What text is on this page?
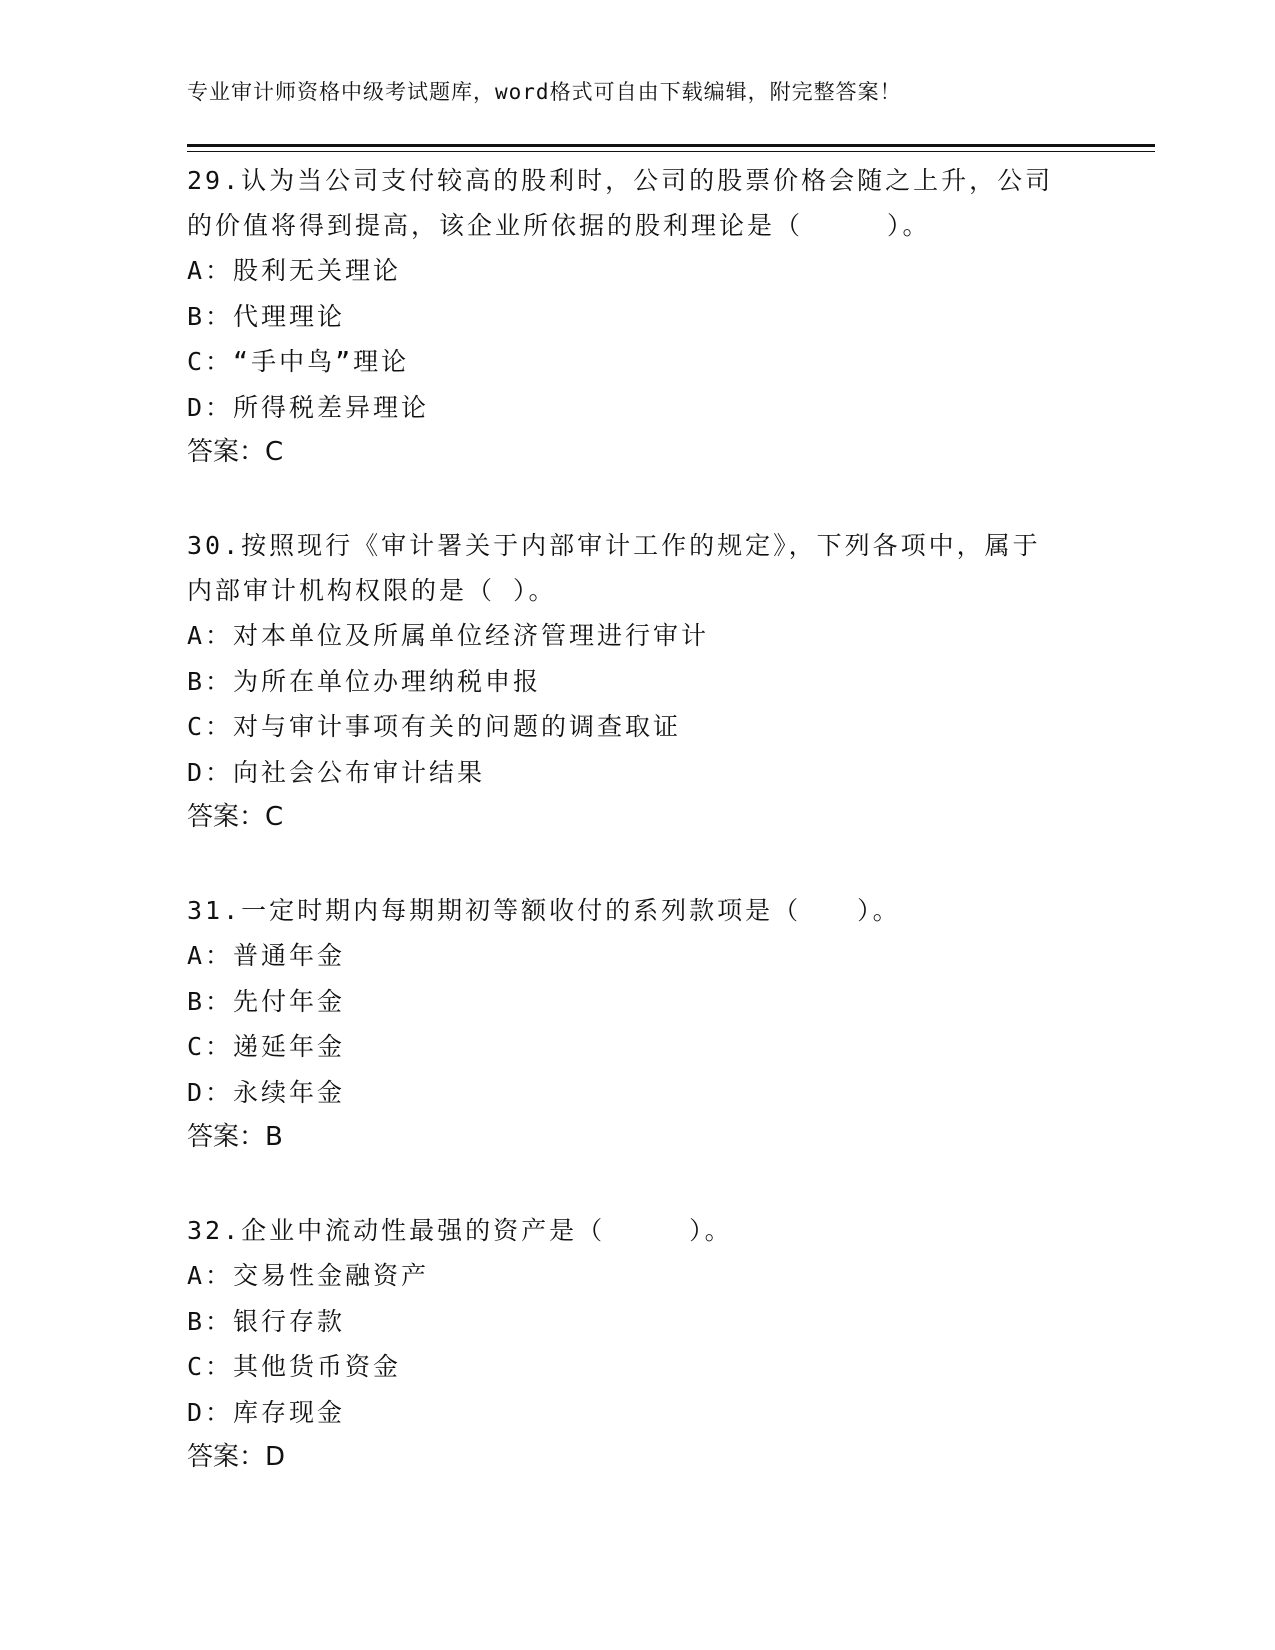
专业审计师资格中级考试题库，word格式可自由下载编辑，附完整答案！

29.认为当公司支付较高的股利时，公司的股票价格会随之上升，公司

的价值将得到提高，该企业所依据的股利理论是（　　　）。

A：股利无关理论

B：代理理论

C：“手中鸟”理论

D：所得税差异理论

答案：C

30.按照现行《审计署关于内部审计工作的规定》，下列各项中，属于

内部审计机构权限的是（ ）。

A：对本单位及所属单位经济管理进行审计

B：为所在单位办理纳税申报

C：对与审计事项有关的问题的调查取证

D：向社会公布审计结果

答案：C

31.一定时期内每期期初等额收付的系列款项是（　　）。

A：普通年金

B：先付年金

C：递延年金

D：永续年金

答案：B

32.企业中流动性最强的资产是（　　　）。

A：交易性金融资产

B：银行存款

C：其他货币资金

D：库存现金

答案：D
